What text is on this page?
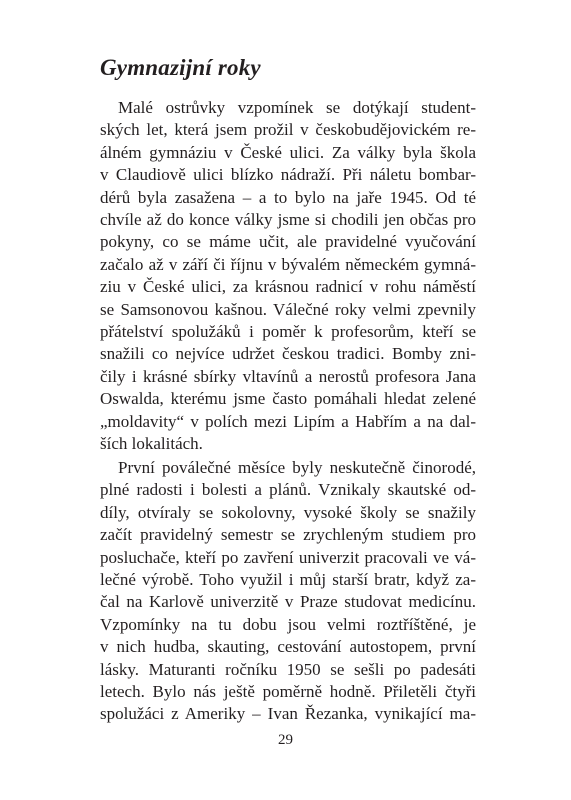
Gymnazijní roky
Malé ostrůvky vzpomínek se dotýkají student-
ských let, která jsem prožil v českobudějovickém re-
álném gymnáziu v České ulici. Za války byla škola
v Claudiově ulici blízko nádraží. Při náletu bombar-
dérů byla zasažena – a to bylo na jaře 1945. Od té
chvíle až do konce války jsme si chodili jen občas pro
pokyny, co se máme učit, ale pravidelné vyučování
začalo až v září či říjnu v bývalém německém gymná-
ziu v České ulici, za krásnou radnicí v rohu náměstí
se Samsonovou kašnou. Válečné roky velmi zpevnily
přátelství spolužáků i poměr k profesorům, kteří se
snažili co nejvíce udržet českou tradici. Bomby zni-
čily i krásné sbírky vltavínů a nerostů profesora Jana
Oswalda, kterému jsme často pomáhali hledat zelené
„moldavity“ v polích mezi Lipím a Habřím a na dal-
ších lokalitách.
První poválečné měsíce byly neskutečně činorodé,
plné radosti i bolesti a plánů. Vznikaly skautské od-
díly, otvíraly se sokolovny, vysoké školy se snažily
začít pravidelný semestr se zrychleným studiem pro
posluchače, kteří po zavření univerzit pracovali ve vá-
lečné výrobě. Toho využil i můj starší bratr, když za-
čal na Karlově univerzitě v Praze studovat medicínu.
Vzpomínky na tu dobu jsou velmi roztříštěné, je
v nich hudba, skauting, cestování autostopem, první
lásky. Maturanti ročníku 1950 se sešli po padesáti
letech. Bylo nás ještě poměrně hodně. Přiletěli čtyři
spolužáci z Ameriky – Ivan Řezanka, vynikající ma-
29
